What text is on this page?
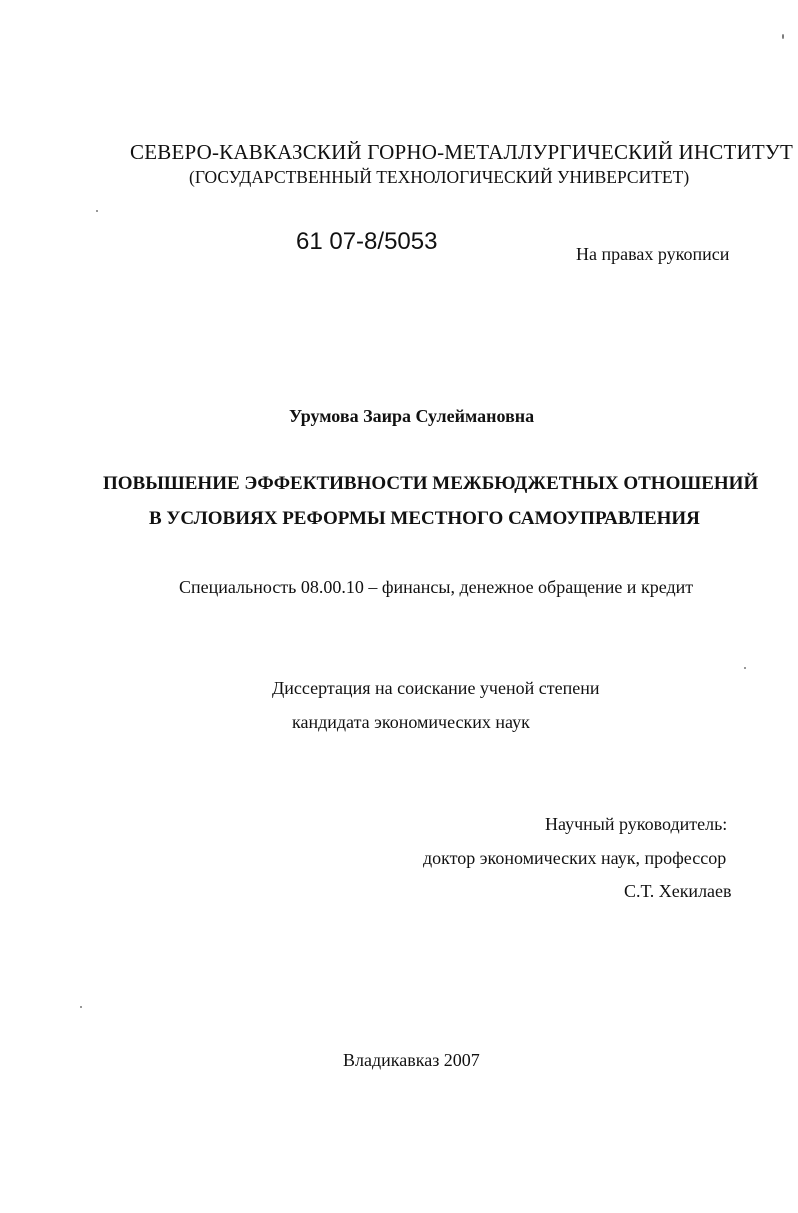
СЕВЕРО-КАВКАЗСКИЙ ГОРНО-МЕТАЛЛУРГИЧЕСКИЙ ИНСТИТУТ
(ГОСУДАРСТВЕННЫЙ ТЕХНОЛОГИЧЕСКИЙ УНИВЕРСИТЕТ)
61 07-8/5053	На правах рукописи
Урумова Заира Сулеймановна
ПОВЫШЕНИЕ ЭФФЕКТИВНОСТИ МЕЖБЮДЖЕТНЫХ ОТНОШЕНИЙ
В УСЛОВИЯХ РЕФОРМЫ МЕСТНОГО САМОУПРАВЛЕНИЯ
Специальность 08.00.10 – финансы, денежное обращение и кредит
Диссертация на соискание ученой степени
кандидата экономических наук
Научный руководитель:
доктор экономических наук, профессор
С.Т. Хекилаев
Владикавказ 2007
